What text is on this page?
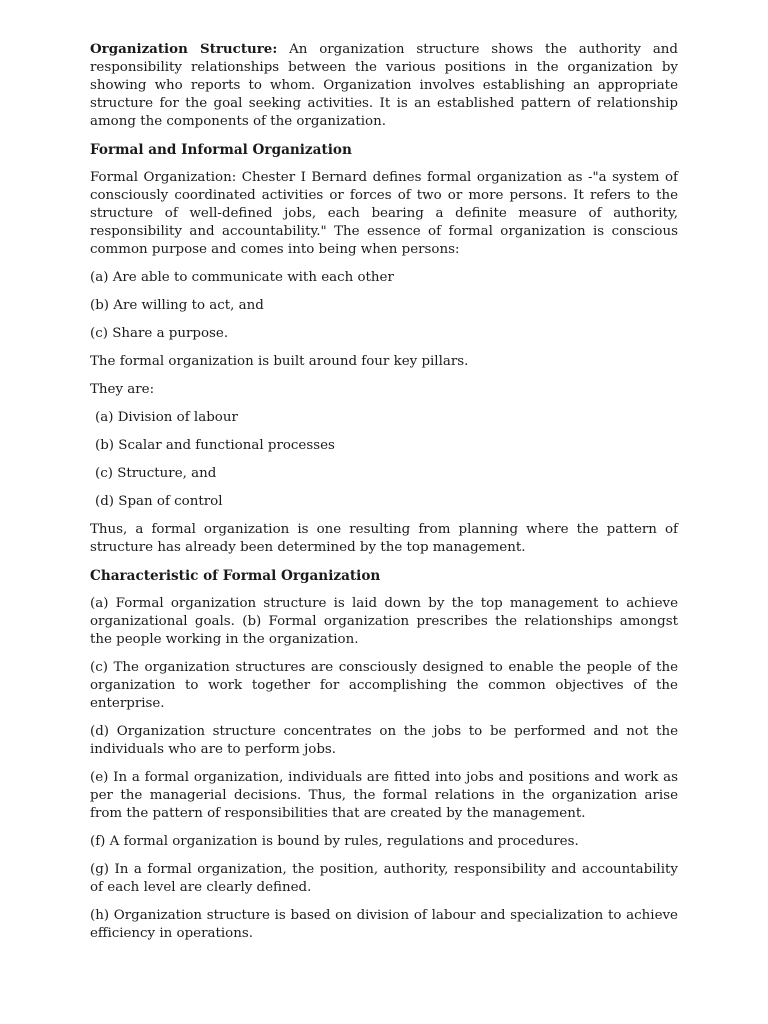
Organization Structure: An organization structure shows the authority and responsibility relationships between the various positions in the organization by showing who reports to whom. Organization involves establishing an appropriate structure for the goal seeking activities. It is an established pattern of relationship among the components of the organization.

Formal and Informal Organization

Formal Organization: Chester I Bernard defines formal organization as -"a system of consciously coordinated activities or forces of two or more persons. It refers to the structure of well-defined jobs, each bearing a definite measure of authority, responsibility and accountability." The essence of formal organization is conscious common purpose and comes into being when persons:

(a) Are able to communicate with each other

(b) Are willing to act, and

(c) Share a purpose.

The formal organization is built around four key pillars.

They are:

(a) Division of labour

(b) Scalar and functional processes

(c) Structure, and

(d) Span of control

Thus, a formal organization is one resulting from planning where the pattern of structure has already been determined by the top management.

Characteristic of Formal Organization

(a) Formal organization structure is laid down by the top management to achieve organizational goals. (b) Formal organization prescribes the relationships amongst the people working in the organization.

(c) The organization structures are consciously designed to enable the people of the organization to work together for accomplishing the common objectives of the enterprise.

(d) Organization structure concentrates on the jobs to be performed and not the individuals who are to perform jobs.

(e) In a formal organization, individuals are fitted into jobs and positions and work as per the managerial decisions. Thus, the formal relations in the organization arise from the pattern of responsibilities that are created by the management.

(f) A formal organization is bound by rules, regulations and procedures.

(g) In a formal organization, the position, authority, responsibility and accountability of each level are clearly defined.

(h) Organization structure is based on division of labour and specialization to achieve efficiency in operations.
